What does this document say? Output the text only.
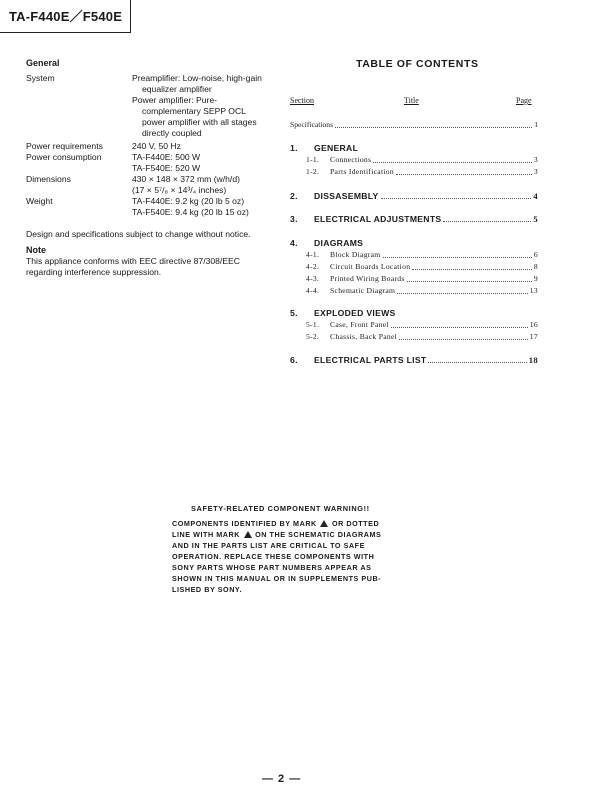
TA-F440E／F540E
General
System	Preamplifier: Low-noise, high-gain
equalizer amplifier
Power amplifier: Pure-
complementary SEPP OCL
power amplifier with all stages
directly coupled
Power requirements	240 V, 50 Hz
Power consumption	TA-F440E: 500 W
TA-F540E: 520 W
Dimensions	430 × 148 × 372 mm (w/h/d)
(17 × 5⁷/₈ × 14³/₄ inches)
Weight	TA-F440E: 9.2 kg (20 lb 5 oz)
TA-F540E: 9.4 kg (20 lb 15 oz)
Design and specifications subject to change without notice.
Note
This appliance conforms with EEC directive 87/308/EEC
regarding interference suppression.
TABLE OF CONTENTS
Section	Title	Page
Specifications	1
1.	GENERAL
1-1.	Connections	3
1-2.	Parts Identification	3
2.	DISSASEMBLY	4
3.	ELECTRICAL ADJUSTMENTS	5
4.	DIAGRAMS
4-1.	Block Diagram	6
4-2.	Circuit Boards Location	8
4-3.	Printed Wiring Boards	9
4-4.	Schematic Diagram	13
5.	EXPLODED VIEWS
5-1.	Case, Front Panel	16
5-2.	Chassis, Back Panel	17
6.	ELECTRICAL PARTS LIST	18
SAFETY-RELATED COMPONENT WARNING!!
COMPONENTS IDENTIFIED BY MARK OR DOTTED
LINE WITH MARK ON THE SCHEMATIC DIAGRAMS
AND IN THE PARTS LIST ARE CRITICAL TO SAFE
OPERATION. REPLACE THESE COMPONENTS WITH
SONY PARTS WHOSE PART NUMBERS APPEAR AS
SHOWN IN THIS MANUAL OR IN SUPPLEMENTS PUB-
LISHED BY SONY.
— 2 —
